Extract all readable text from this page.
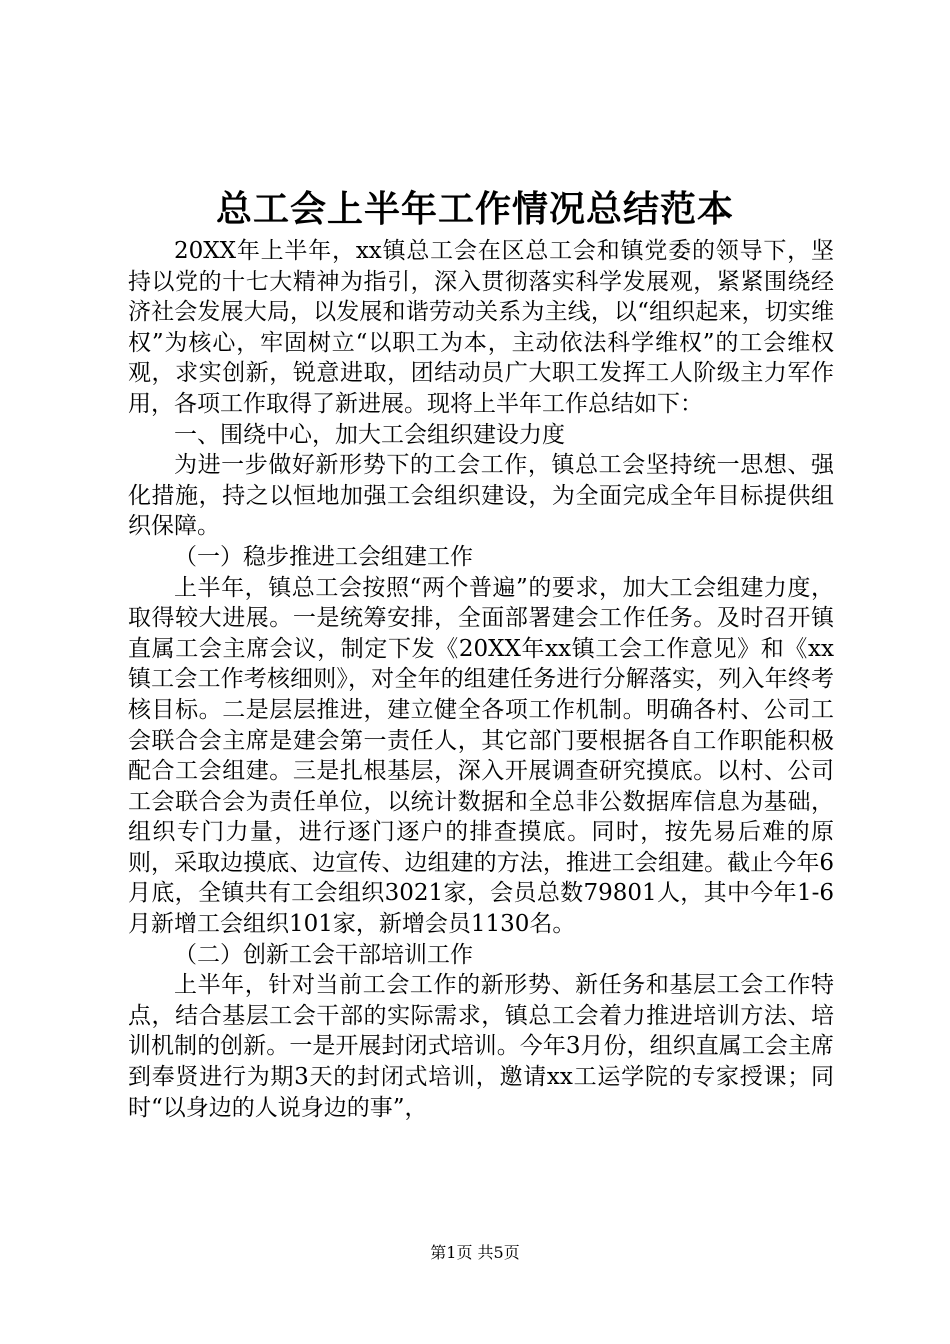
总工会上半年工作情况总结范本

20XX年上半年，xx镇总工会在区总工会和镇党委的领导下，坚持以党的十七大精神为指引，深入贯彻落实科学发展观，紧紧围绕经济社会发展大局，以发展和谐劳动关系为主线，以“组织起来，切实维权”为核心，牢固树立“以职工为本，主动依法科学维权”的工会维权观，求实创新，锐意进取，团结动员广大职工发挥工人阶级主力军作用，各项工作取得了新进展。现将上半年工作总结如下：

一、围绕中心，加大工会组织建设力度

为进一步做好新形势下的工会工作，镇总工会坚持统一思想、强化措施，持之以恒地加强工会组织建设，为全面完成全年目标提供组织保障。

（一）稳步推进工会组建工作

上半年，镇总工会按照“两个普遍”的要求，加大工会组建力度，取得较大进展。一是统筹安排，全面部署建会工作任务。及时召开镇直属工会主席会议，制定下发《20XX年xx镇工会工作意见》和《xx镇工会工作考核细则》，对全年的组建任务进行分解落实，列入年终考核目标。二是层层推进，建立健全各项工作机制。明确各村、公司工会联合会主席是建会第一责任人，其它部门要根据各自工作职能积极配合工会组建。三是扎根基层，深入开展调查研究摸底。以村、公司工会联合会为责任单位，以统计数据和全总非公数据库信息为基础，组织专门力量，进行逐门逐户的排查摸底。同时，按先易后难的原则，采取边摸底、边宣传、边组建的方法，推进工会组建。截止今年6月底，全镇共有工会组织3021家，会员总数79801人，其中今年1-6月新增工会组织101家，新增会员1130名。

（二）创新工会干部培训工作

上半年，针对当前工会工作的新形势、新任务和基层工会工作特点，结合基层工会干部的实际需求，镇总工会着力推进培训方法、培训机制的创新。一是开展封闭式培训。今年3月份，组织直属工会主席到奉贤进行为期3天的封闭式培训，邀请xx工运学院的专家授课；同时“以身边的人说身边的事”，

第1页 共5页
